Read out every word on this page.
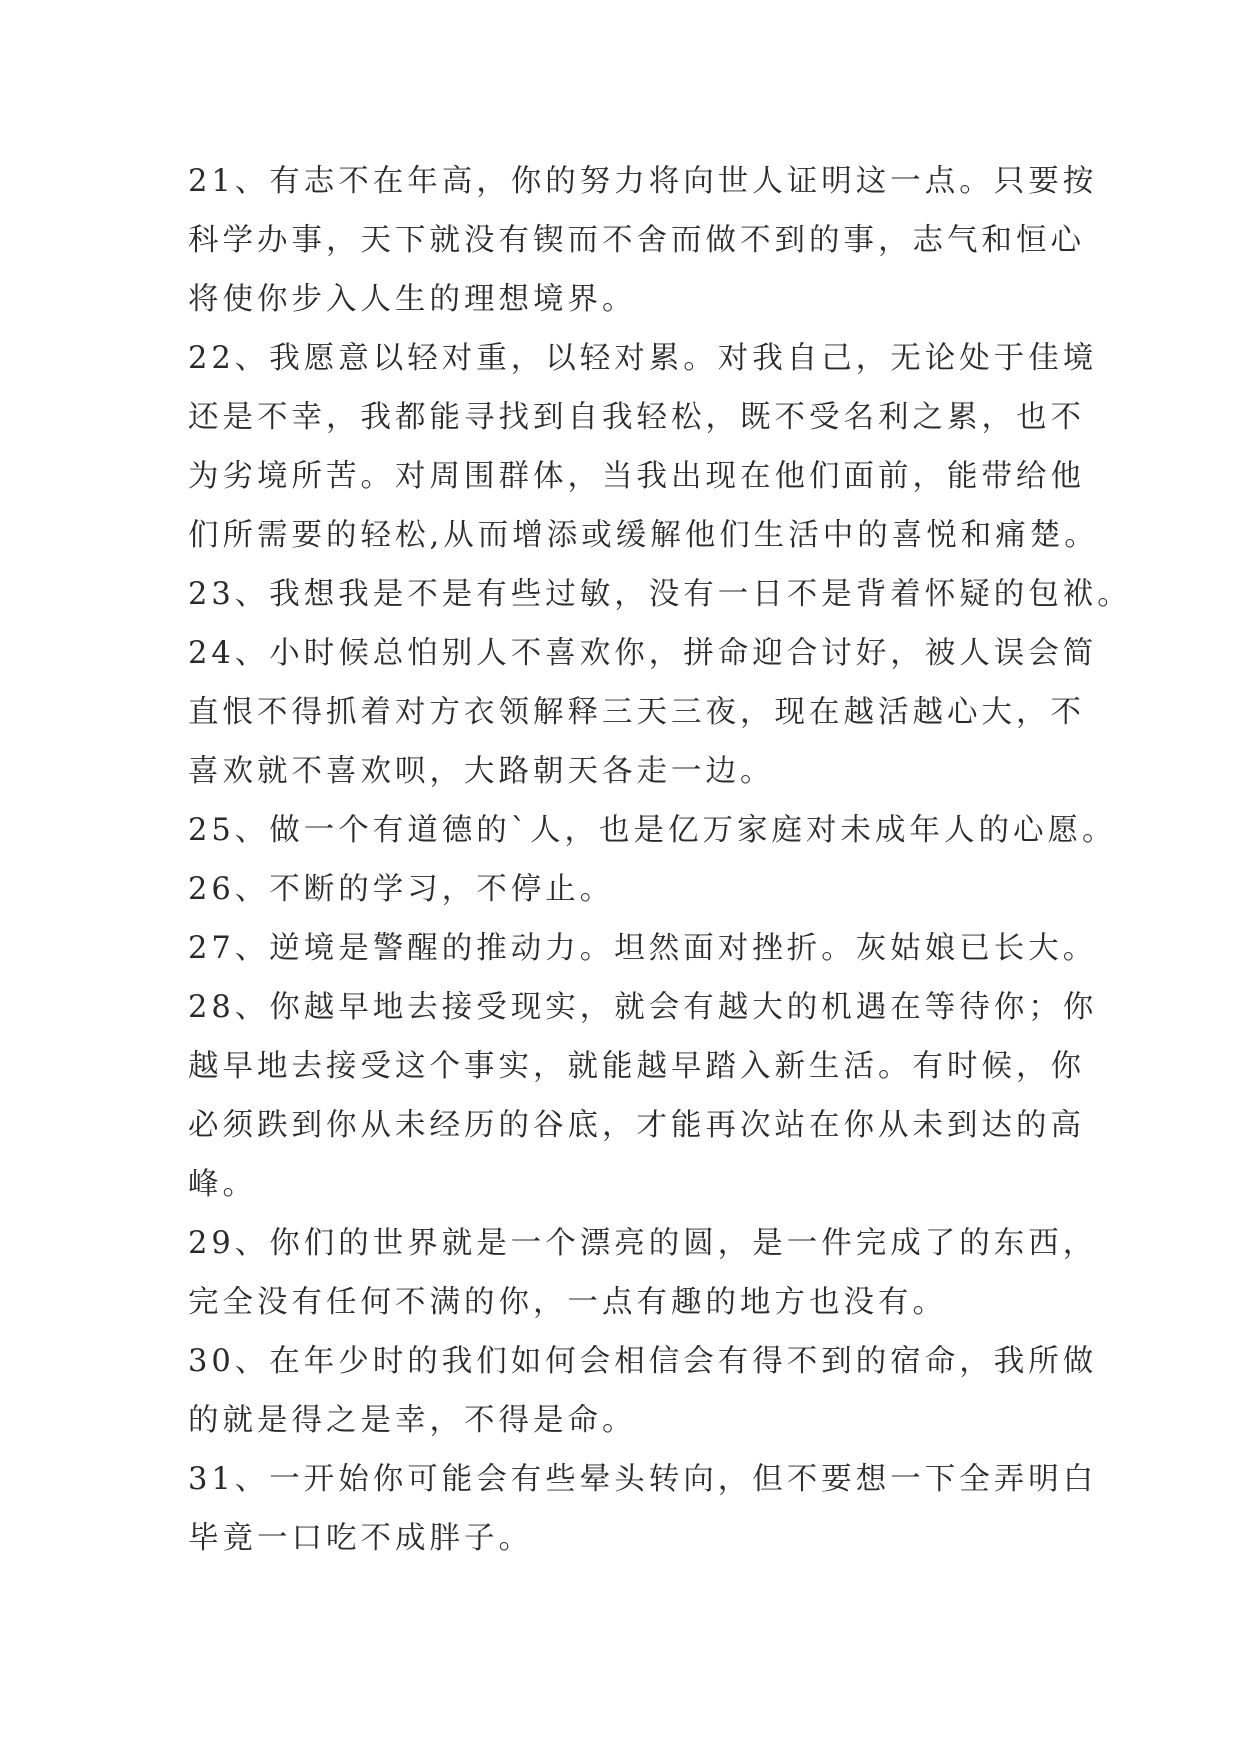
21、有志不在年高，你的努力将向世人证明这一点。只要按
科学办事，天下就没有锲而不舍而做不到的事，志气和恒心
将使你步入人生的理想境界。
22、我愿意以轻对重，以轻对累。对我自己，无论处于佳境
还是不幸，我都能寻找到自我轻松，既不受名利之累，也不
为劣境所苦。对周围群体，当我出现在他们面前，能带给他
们所需要的轻松,从而增添或缓解他们生活中的喜悦和痛楚。
23、我想我是不是有些过敏，没有一日不是背着怀疑的包袱。
24、小时候总怕别人不喜欢你，拼命迎合讨好，被人误会简
直恨不得抓着对方衣领解释三天三夜，现在越活越心大，不
喜欢就不喜欢呗，大路朝天各走一边。
25、做一个有道德的`人，也是亿万家庭对未成年人的心愿。
26、不断的学习，不停止。
27、逆境是警醒的推动力。坦然面对挫折。灰姑娘已长大。
28、你越早地去接受现实，就会有越大的机遇在等待你；你
越早地去接受这个事实，就能越早踏入新生活。有时候，你
必须跌到你从未经历的谷底，才能再次站在你从未到达的高
峰。
29、你们的世界就是一个漂亮的圆，是一件完成了的东西，
完全没有任何不满的你，一点有趣的地方也没有。
30、在年少时的我们如何会相信会有得不到的宿命，我所做
的就是得之是幸，不得是命。
31、一开始你可能会有些晕头转向，但不要想一下全弄明白
毕竟一口吃不成胖子。
